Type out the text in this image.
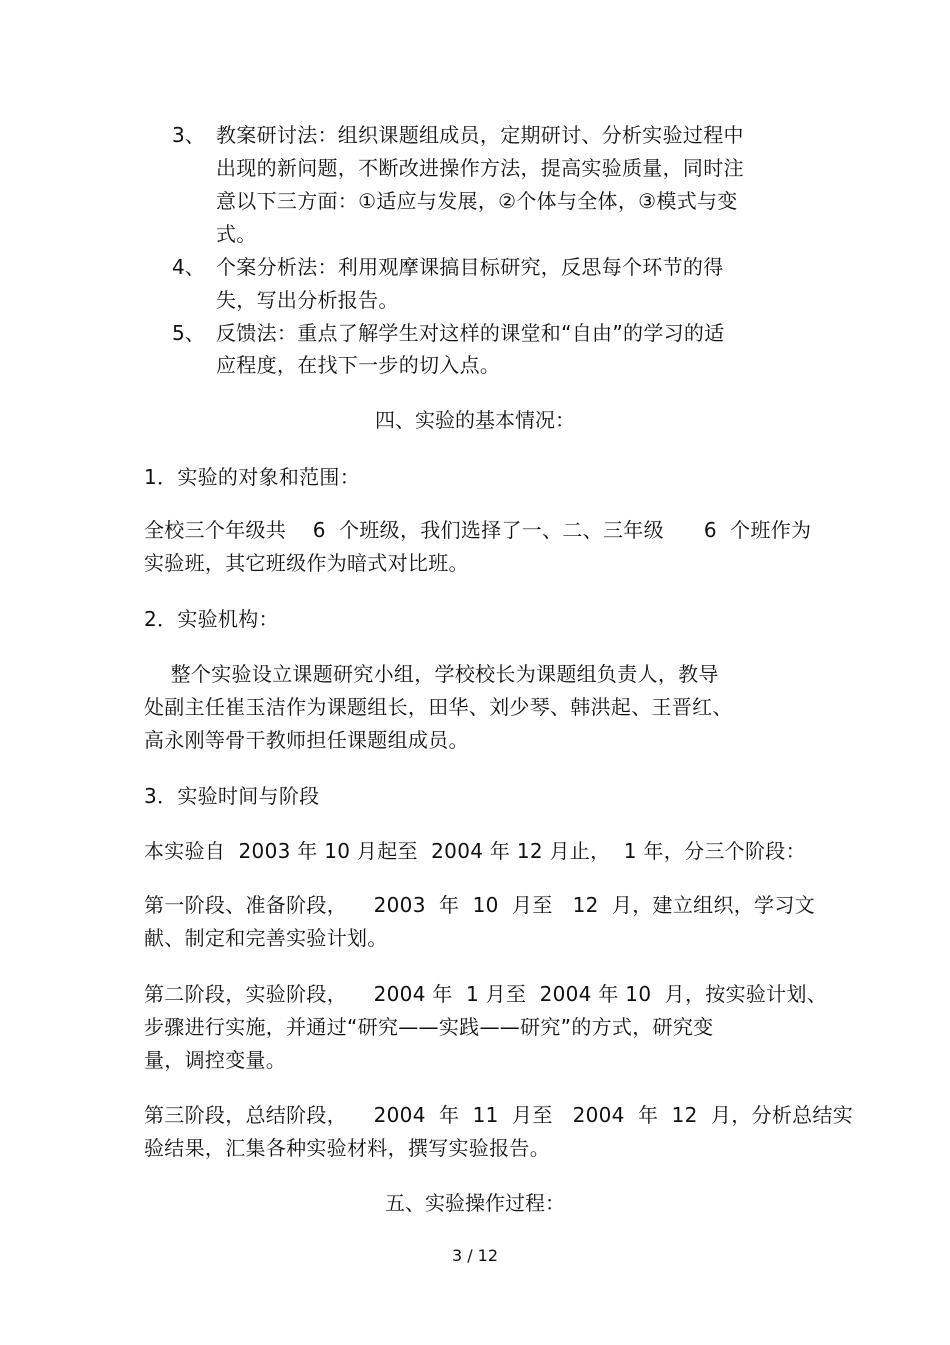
3、 教案研讨法：组织课题组成员，定期研讨、分析实验过程中
出现的新问题，不断改进操作方法，提高实验质量，同时注
意以下三方面：①适应与发展，②个体与全体，③模式与变
式。
4、 个案分析法：利用观摩课搞目标研究，反思每个环节的得
失，写出分析报告。
5、 反馈法：重点了解学生对这样的课堂和“自由”的学习的适
应程度，在找下一步的切入点。
四、实验的基本情况：
1．实验的对象和范围：
全校三个年级共    6  个班级，我们选择了一、二、三年级      6  个班作为
实验班，其它班级作为暗式对比班。
2．实验机构：
整个实验设立课题研究小组，学校校长为课题组负责人，教导
处副主任崔玉洁作为课题组长，田华、刘少琴、韩洪起、王晋红、
高永刚等骨干教师担任课题组成员。
3．实验时间与阶段
本实验自  2003 年 10 月起至  2004 年 12 月止，  1 年，分三个阶段：
第一阶段、准备阶段，    2003  年  10  月至   12  月，建立组织，学习文
献、制定和完善实验计划。
第二阶段，实验阶段，    2004 年  1 月至  2004 年 10  月，按实验计划、
步骤进行实施，并通过“研究——实践——研究”的方式，研究变
量，调控变量。
第三阶段，总结阶段，    2004  年  11  月至   2004  年  12  月，分析总结实
验结果，汇集各种实验材料，撰写实验报告。
五、实验操作过程：
3 / 12
